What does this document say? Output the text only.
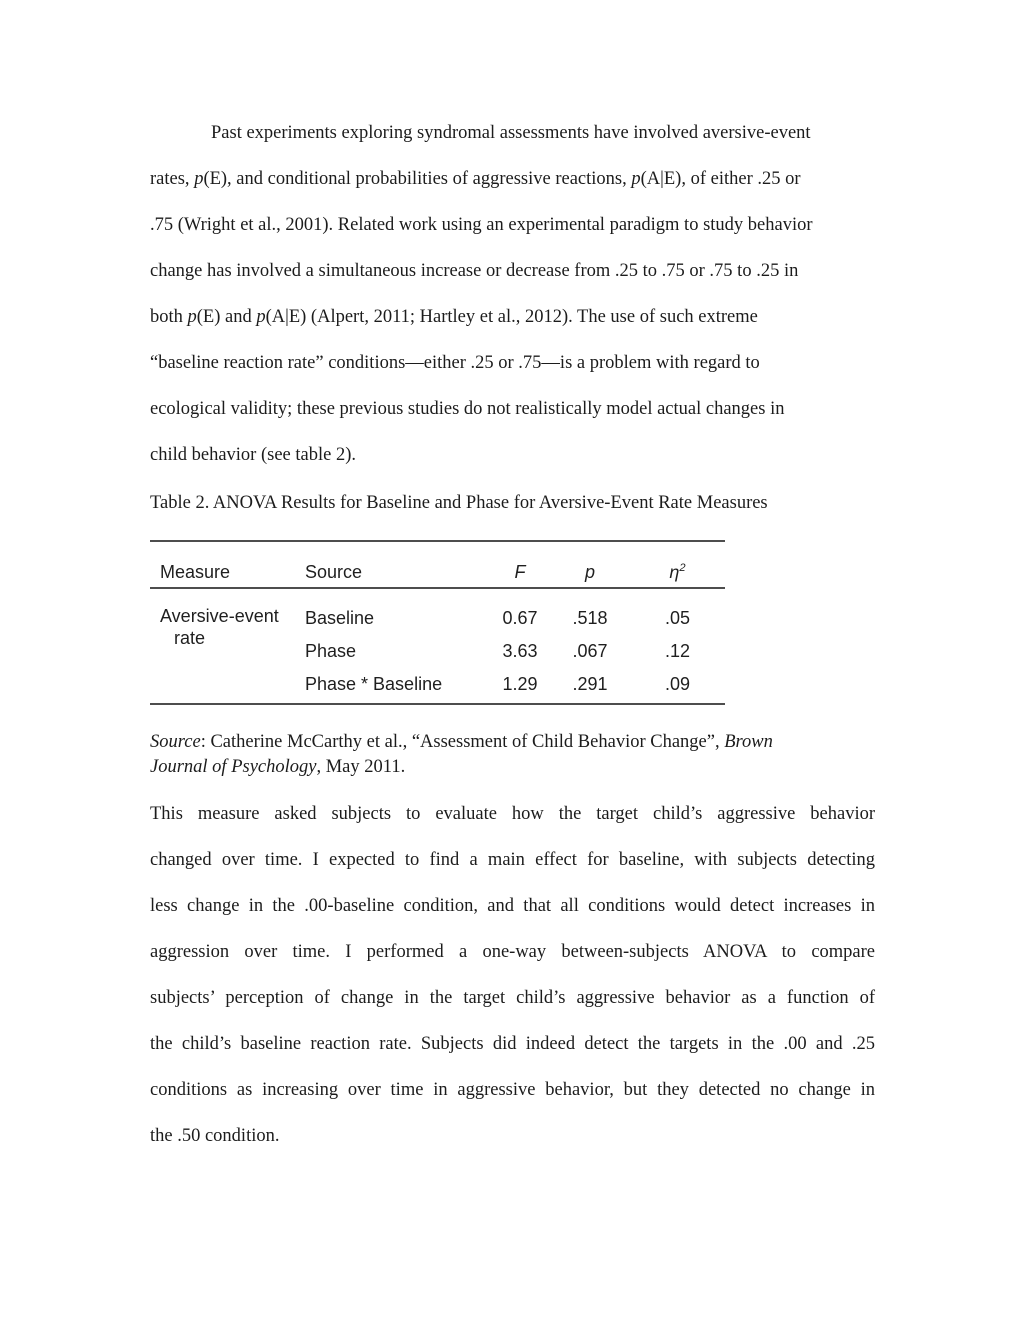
Past experiments exploring syndromal assessments have involved aversive-event
rates, p(E), and conditional probabilities of aggressive reactions, p(A|E), of either .25 or
.75 (Wright et al., 2001). Related work using an experimental paradigm to study behavior
change has involved a simultaneous increase or decrease from .25 to .75 or .75 to .25 in
both p(E) and p(A|E) (Alpert, 2011; Hartley et al., 2012). The use of such extreme
“baseline reaction rate” conditions—either .25 or .75—is a problem with regard to
ecological validity; these previous studies do not realistically model actual changes in
child behavior (see table 2).
Table 2. ANOVA Results for Baseline and Phase for Aversive-Event Rate Measures
Measure	Source	F	p	$\eta^2$
Aversive-event
rate
Baseline	0.67	.518	.05
Phase	3.63	.067	.12
Phase * Baseline	1.29	.291	.09
Source: Catherine McCarthy et al., “Assessment of Child Behavior Change”, Brown
Journal of Psychology, May 2011.
This measure asked subjects to evaluate how the target child’s aggressive behavior
changed over time. I expected to find a main effect for baseline, with subjects detecting
less change in the .00-baseline condition, and that all conditions would detect increases in
aggression over time. I performed a one-way between-subjects ANOVA to compare
subjects’ perception of change in the target child’s aggressive behavior as a function of
the child’s baseline reaction rate. Subjects did indeed detect the targets in the .00 and .25
conditions as increasing over time in aggressive behavior, but they detected no change in
the .50 condition.
